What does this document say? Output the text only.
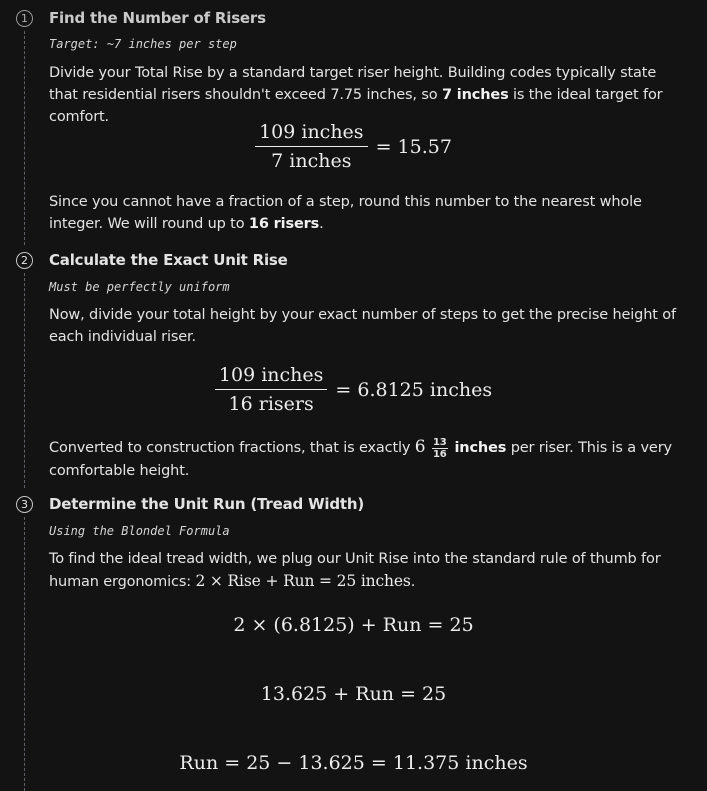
1 Find the Number of Risers
Target: ~7 inches per step
Divide your Total Rise by a standard target riser height. Building codes typically state that residential risers shouldn't exceed 7.75 inches, so 7 inches is the ideal target for comfort.
$\frac{\text{109 inches}}{\text{7 inches}} = 15.57$
Since you cannot have a fraction of a step, round this number to the nearest whole integer. We will round up to 16 risers.
2 Calculate the Exact Unit Rise
Must be perfectly uniform
Now, divide your total height by your exact number of steps to get the precise height of each individual riser.
$\frac{\text{109 inches}}{\text{16 risers}} = 6.8125$ inches
Converted to construction fractions, that is exactly $6 \frac{13}{16}$ inches per riser. This is a very comfortable height.
3 Determine the Unit Run (Tread Width)
Using the Blondel Formula
To find the ideal tread width, we plug our Unit Rise into the standard rule of thumb for human ergonomics: 2 × Rise + Run = 25 inches.
2 × (6.8125) + Run = 25
13.625 + Run = 25
Run = 25 − 13.625 = 11.375 inches
